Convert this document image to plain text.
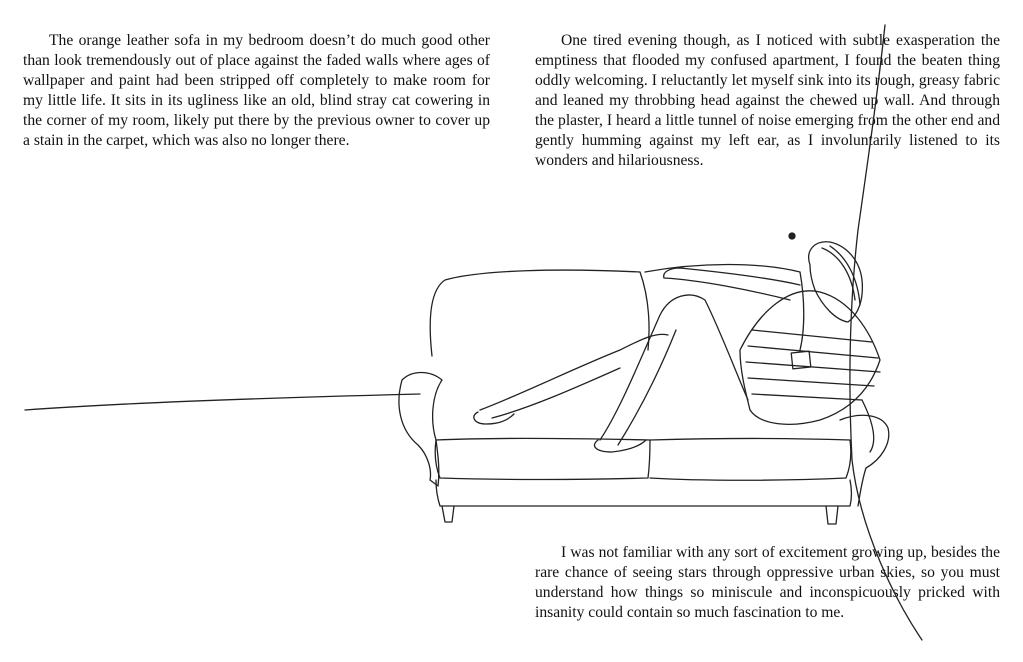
The orange leather sofa in my bedroom doesn’t do much good other than look tremendously out of place against the faded walls where ages of wallpaper and paint had been stripped off completely to make room for my little life. It sits in its ugliness like an old, blind stray cat cowering in the corner of my room, likely put there by the previous owner to cover up a stain in the carpet, which was also no longer there.

One tired evening though, as I noticed with subtle exasperation the emptiness that flooded my confused apartment, I found the beaten thing oddly welcoming. I reluctantly let myself sink into its rough, greasy fabric and leaned my throbbing head against the chewed up wall. And through the plaster, I heard a little tunnel of noise emerging from the other end and gently humming against my left ear, as I involuntarily listened to its wonders and hilariousness.

I was not familiar with any sort of excitement growing up, besides the rare chance of seeing stars through oppressive urban skies, so you must understand how things so miniscule and inconspicuously pricked with insanity could contain so much fascination to me.
